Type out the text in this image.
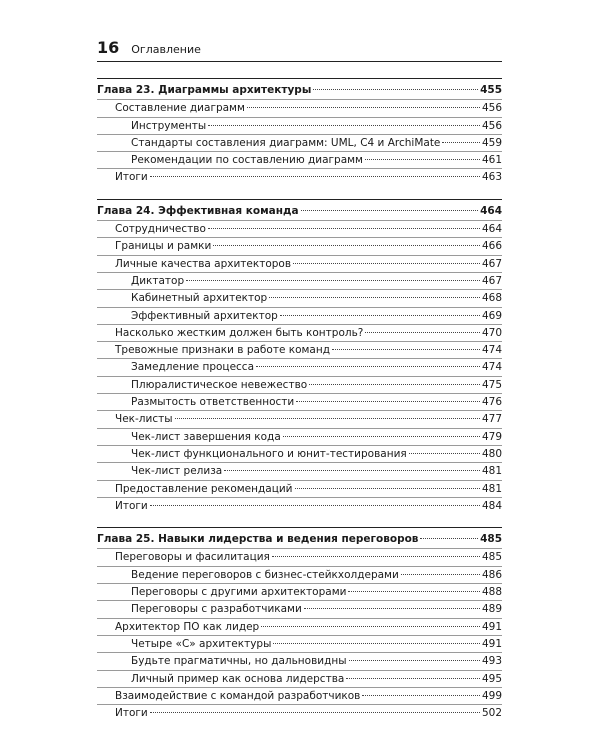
16 Оглавление
Глава 23. Диаграммы архитектуры	455
Составление диаграмм	456
Инструменты	456
Стандарты составления диаграмм: UML, C4 и ArchiMate	459
Рекомендации по составлению диаграмм	461
Итоги	463
Глава 24. Эффективная команда	464
Сотрудничество	464
Границы и рамки	466
Личные качества архитекторов	467
Диктатор	467
Кабинетный архитектор	468
Эффективный архитектор	469
Насколько жестким должен быть контроль?	470
Тревожные признаки в работе команд	474
Замедление процесса	474
Плюралистическое невежество	475
Размытость ответственности	476
Чек-листы	477
Чек-лист завершения кода	479
Чек-лист функционального и юнит-тестирования	480
Чек-лист релиза	481
Предоставление рекомендаций	481
Итоги	484
Глава 25. Навыки лидерства и ведения переговоров	485
Переговоры и фасилитация	485
Ведение переговоров с бизнес-стейкхолдерами	486
Переговоры с другими архитекторами	488
Переговоры с разработчиками	489
Архитектор ПО как лидер	491
Четыре «С» архитектуры	491
Будьте прагматичны, но дальновидны	493
Личный пример как основа лидерства	495
Взаимодействие с командой разработчиков	499
Итоги	502
